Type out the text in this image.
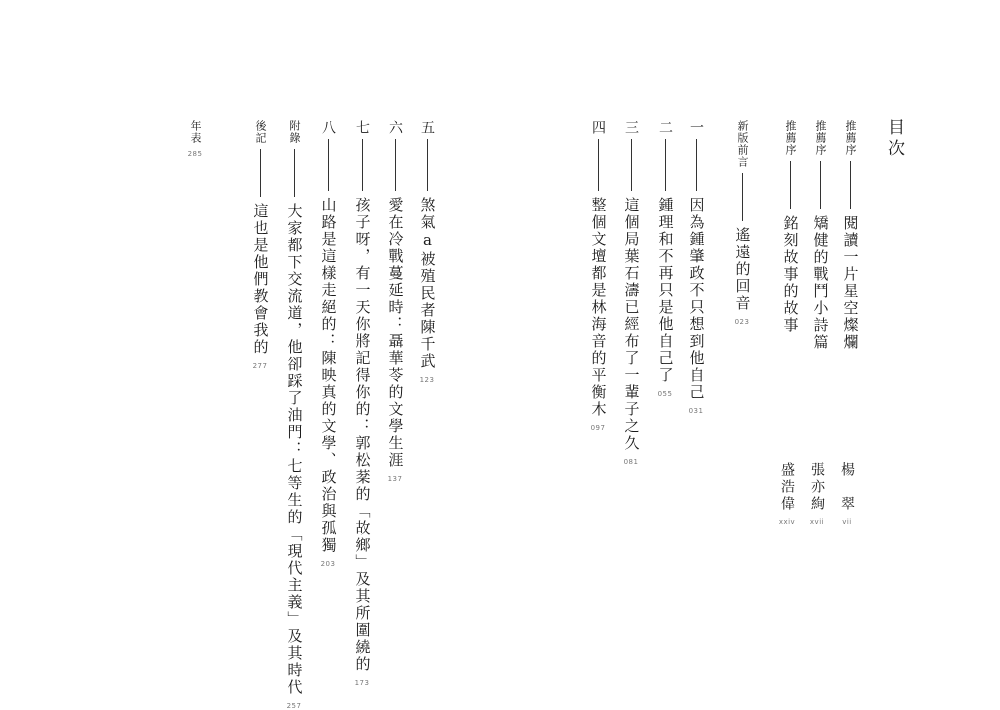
目次
推薦序
閱讀一片星空燦爛
推薦序
矯健的戰鬥小詩篇
推薦序
銘刻故事的故事
楊　翠
vii
張亦絢
xvii
盛浩偉
xxiv
新版前言
遙遠的回音
023
一
因為鍾肇政不只想到他自己
031
二
鍾理和不再只是他自己了
055
三
這個局葉石濤已經布了一輩子之久
081
四
整個文壇都是林海音的平衡木
097
五
煞氣a被殖民者陳千武
123
六
愛在冷戰蔓延時：聶華苓的文學生涯
137
七
孩子呀，有一天你將記得你的：郭松棻的「故鄉」及其所圍繞的
173
八
山路是這樣走絕的：陳映真的文學、政治與孤獨
203
附錄
大家都下交流道，他卻踩了油門：七等生的「現代主義」及其時代
257
後記
這也是他們教會我的
277
年表
285
